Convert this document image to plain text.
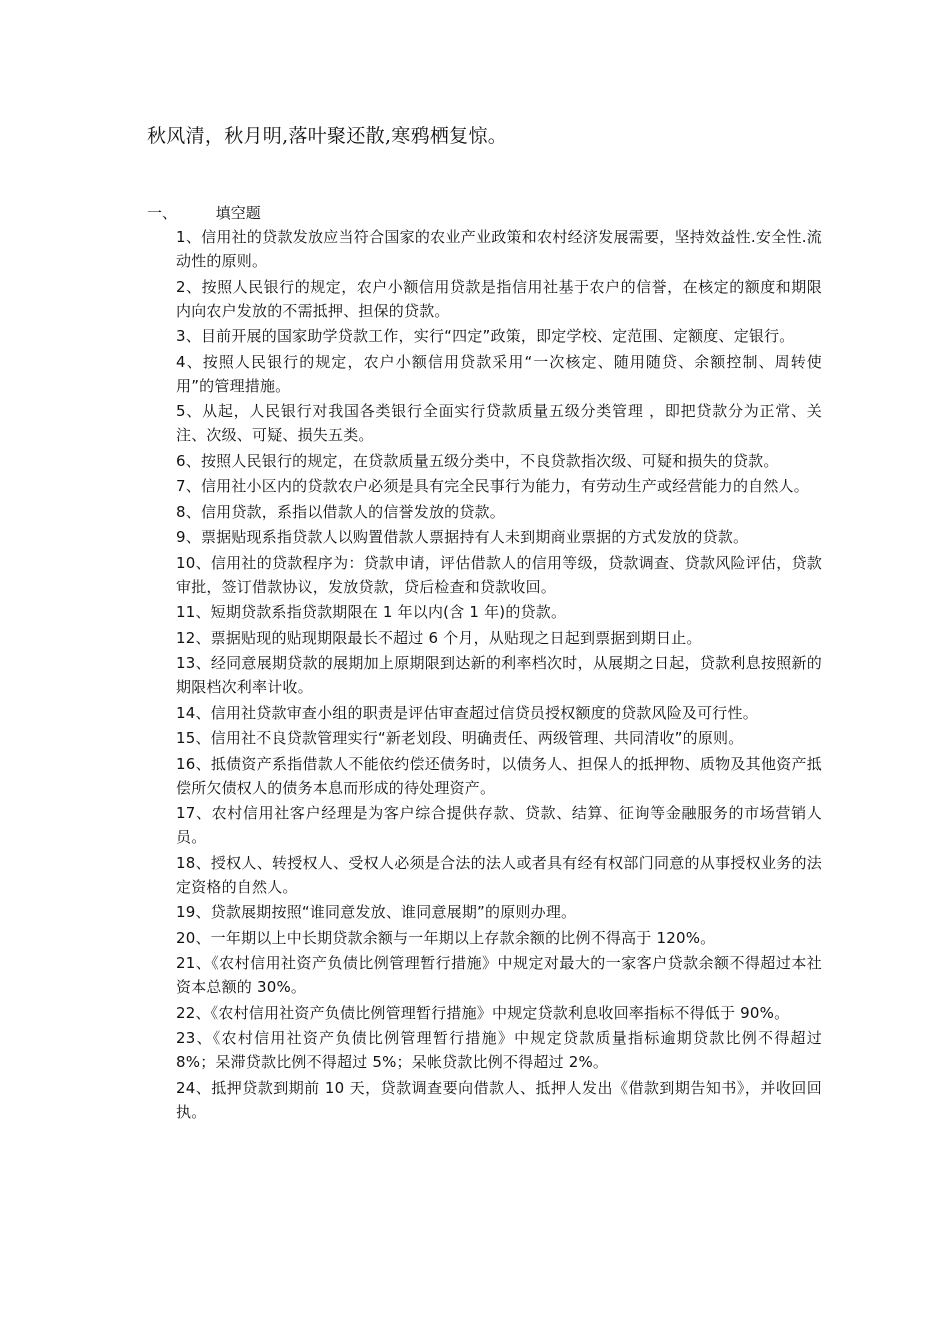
秋风清，秋月明,落叶聚还散,寒鸦栖复惊。
一、	填空题
1、信用社的贷款发放应当符合国家的农业产业政策和农村经济发展需要，坚持效益性.安全性.流动性的原则。
2、按照人民银行的规定，农户小额信用贷款是指信用社基于农户的信誉，在核定的额度和期限内向农户发放的不需抵押、担保的贷款。
3、目前开展的国家助学贷款工作，实行“四定”政策，即定学校、定范围、定额度、定银行。
4、按照人民银行的规定，农户小额信用贷款采用“一次核定、随用随贷、余额控制、周转使用”的管理措施。
5、从起，人民银行对我国各类银行全面实行贷款质量五级分类管理 ，即把贷款分为正常、关注、次级、可疑、损失五类。
6、按照人民银行的规定，在贷款质量五级分类中，不良贷款指次级、可疑和损失的贷款。
7、信用社小区内的贷款农户必须是具有完全民事行为能力，有劳动生产或经营能力的自然人。
8、信用贷款，系指以借款人的信誉发放的贷款。
9、票据贴现系指贷款人以购置借款人票据持有人未到期商业票据的方式发放的贷款。
10、信用社的贷款程序为：贷款申请，评估借款人的信用等级，贷款调查、贷款风险评估，贷款审批，签订借款协议，发放贷款，贷后检查和贷款收回。
11、短期贷款系指贷款期限在 1 年以内(含 1 年)的贷款。
12、票据贴现的贴现期限最长不超过 6 个月，从贴现之日起到票据到期日止。
13、经同意展期贷款的展期加上原期限到达新的利率档次时，从展期之日起，贷款利息按照新的期限档次利率计收。
14、信用社贷款审查小组的职责是评估审查超过信贷员授权额度的贷款风险及可行性。
15、信用社不良贷款管理实行“新老划段、明确责任、两级管理、共同清收”的原则。
16、抵债资产系指借款人不能依约偿还债务时，以债务人、担保人的抵押物、质物及其他资产抵偿所欠债权人的债务本息而形成的待处理资产。
17、农村信用社客户经理是为客户综合提供存款、贷款、结算、征询等金融服务的市场营销人员。
18、授权人、转授权人、受权人必须是合法的法人或者具有经有权部门同意的从事授权业务的法定资格的自然人。
19、贷款展期按照“谁同意发放、谁同意展期”的原则办理。
20、一年期以上中长期贷款余额与一年期以上存款余额的比例不得高于 120%。
21、《农村信用社资产负债比例管理暂行措施》中规定对最大的一家客户贷款余额不得超过本社资本总额的 30%。
22、《农村信用社资产负债比例管理暂行措施》中规定贷款利息收回率指标不得低于 90%。
23、《农村信用社资产负债比例管理暂行措施》中规定贷款质量指标逾期贷款比例不得超过 8%；呆滞贷款比例不得超过 5%；呆帐贷款比例不得超过 2%。
24、抵押贷款到期前 10 天，贷款调查要向借款人、抵押人发出《借款到期告知书》，并收回回执。
